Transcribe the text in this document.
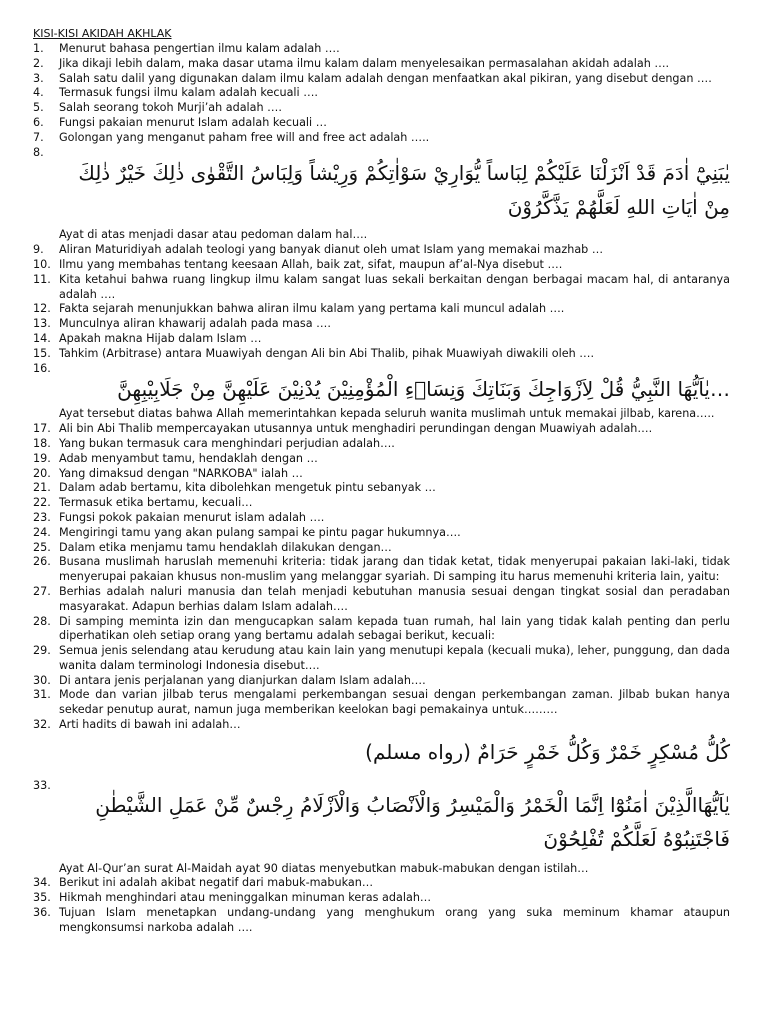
KISI-KISI AKIDAH AKHLAK
1.	Menurut bahasa pengertian ilmu kalam adalah ….
2.	Jika dikaji lebih dalam, maka dasar utama ilmu kalam dalam menyelesaikan permasalahan akidah adalah ….
3.	Salah satu dalil yang digunakan dalam ilmu kalam adalah dengan menfaatkan akal pikiran, yang disebut dengan ….
4.	Termasuk fungsi ilmu kalam adalah kecuali ….
5.	Salah seorang tokoh Murji’ah adalah ….
6.	Fungsi pakaian menurut Islam adalah kecuali …
7.	Golongan yang menganut paham free will and free act adalah …..
8.
يٰبَنِيْٓ اٰدَمَ قَدْ اَنْزَلْنَا عَلَيْكُمْ لِبَاساً يُّوَارِيْ سَوْاٰتِكُمْ وَرِيْشاً وَلِبَاسُ التَّقْوٰى ذٰلِكَ خَيْرٌ ذٰلِكَ مِنْ اٰيَاتِ اللهِ لَعَلَّهُمْ يَذَّكَّرُوْنَ
Ayat di atas menjadi dasar atau pedoman dalam hal….
9.	Aliran Maturidiyah adalah teologi yang banyak dianut oleh umat Islam yang memakai mazhab …
10. Ilmu yang membahas tentang keesaan Allah, baik zat, sifat, maupun af’al-Nya disebut ….
11. Kita ketahui bahwa ruang lingkup ilmu kalam sangat luas sekali berkaitan dengan berbagai macam hal, di antaranya adalah ….
12. Fakta sejarah menunjukkan bahwa aliran ilmu kalam yang pertama kali muncul adalah ….
13. Munculnya aliran khawarij adalah pada masa ….
14. Apakah makna Hijab dalam Islam …
15. Tahkim (Arbitrase) antara Muawiyah dengan Ali bin Abi Thalib, pihak Muawiyah diwakili oleh ….
16.
…يٰاَيُّهَا النَّبِيُّ قُلْ لِاَزْوَاجِكَ وَبَنَاتِكَ وَنِسَاۤءِ الْمُؤْمِنِيْنَ يُدْنِيْنَ عَلَيْهِنَّ مِنْ جَلَابِيْبِهِنَّ
Ayat tersebut diatas bahwa Allah memerintahkan kepada seluruh wanita muslimah untuk memakai jilbab, karena…..
17. Ali bin Abi Thalib mempercayakan utusannya untuk menghadiri perundingan dengan Muawiyah adalah….
18. Yang bukan termasuk cara menghindari perjudian adalah….
19. Adab menyambut tamu, hendaklah dengan …
20. Yang dimaksud dengan "NARKOBA" ialah …
21. Dalam adab bertamu, kita dibolehkan mengetuk pintu sebanyak …
22. Termasuk etika bertamu, kecuali…
23. Fungsi pokok pakaian menurut islam adalah ….
24. Mengiringi tamu yang akan pulang sampai ke pintu pagar hukumnya….
25. Dalam etika menjamu tamu hendaklah dilakukan dengan…
26. Busana muslimah haruslah memenuhi kriteria: tidak jarang dan tidak ketat, tidak menyerupai pakaian laki-laki, tidak menyerupai pakaian khusus non-muslim yang melanggar syariah. Di samping itu harus memenuhi kriteria lain, yaitu:
27. Berhias adalah naluri manusia dan telah menjadi kebutuhan manusia sesuai dengan tingkat sosial dan peradaban masyarakat. Adapun berhias dalam Islam adalah….
28. Di samping meminta izin dan mengucapkan salam kepada tuan rumah, hal lain yang tidak kalah penting dan perlu diperhatikan oleh setiap orang yang bertamu adalah sebagai berikut, kecuali:
29. Semua jenis selendang atau kerudung atau kain lain yang menutupi kepala (kecuali muka), leher, punggung, dan dada wanita dalam terminologi Indonesia disebut….
30. Di antara jenis perjalanan yang dianjurkan dalam Islam adalah….
31. Mode dan varian jilbab terus mengalami perkembangan sesuai dengan perkembangan zaman. Jilbab bukan hanya sekedar penutup aurat, namun juga memberikan keelokan bagi pemakainya untuk………
32. Arti hadits di bawah ini adalah…
كُلُّ مُسْكِرٍ خَمْرٌ وَكُلُّ خَمْرٍ حَرَامٌ (رواه مسلم)
33.
يٰاَيُّهَاالَّذِيْنَ اٰمَنُوْٓا اِنَّمَا الْخَمْرُ وَالْمَيْسِرُ وَالْاَنْصَابُ وَالْاَزْلَامُ رِجْسٌ مِّنْ عَمَلِ الشَّيْطٰنِ فَاجْتَنِبُوْهُ لَعَلَّكُمْ تُفْلِحُوْنَ
Ayat Al-Qur’an surat Al-Maidah ayat 90 diatas menyebutkan mabuk-mabukan dengan istilah…
34. Berikut ini adalah akibat negatif dari mabuk-mabukan…
35. Hikmah menghindari atau meninggalkan minuman keras adalah…
36. Tujuan Islam menetapkan undang-undang yang menghukum orang yang suka meminum khamar ataupun mengkonsumsi narkoba adalah ….
